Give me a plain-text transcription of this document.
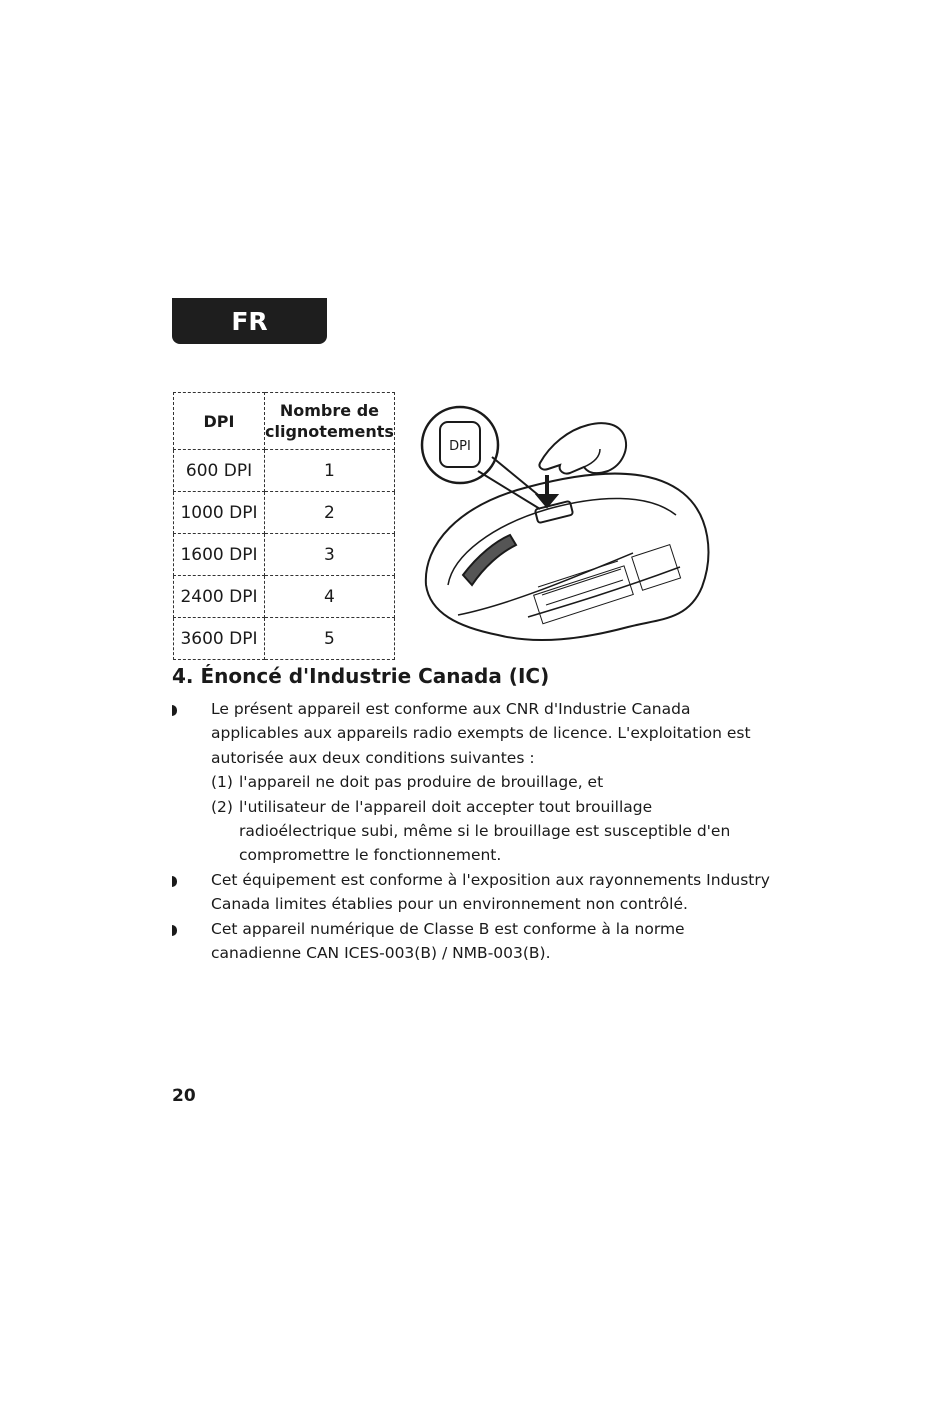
FR
DPI	Nombre de clignotements
600 DPI	1
1000 DPI	2
1600 DPI	3
2400 DPI	4
3600 DPI	5
DPI
4. Énoncé d'Industrie Canada (IC)
Le présent appareil est conforme aux CNR d'Industrie Canada applicables aux appareils radio exempts de licence. L'exploitation est autorisée aux deux conditions suivantes :
(1) l'appareil ne doit pas produire de brouillage, et
(2) l'utilisateur de l'appareil doit accepter tout brouillage radioélectrique subi, même si le brouillage est susceptible d'en compromettre le fonctionnement.
Cet équipement est conforme à l'exposition aux rayonnements Industry Canada limites établies pour un environnement non contrôlé.
Cet appareil numérique de Classe B est conforme à la norme canadienne CAN ICES-003(B) / NMB-003(B).
20
